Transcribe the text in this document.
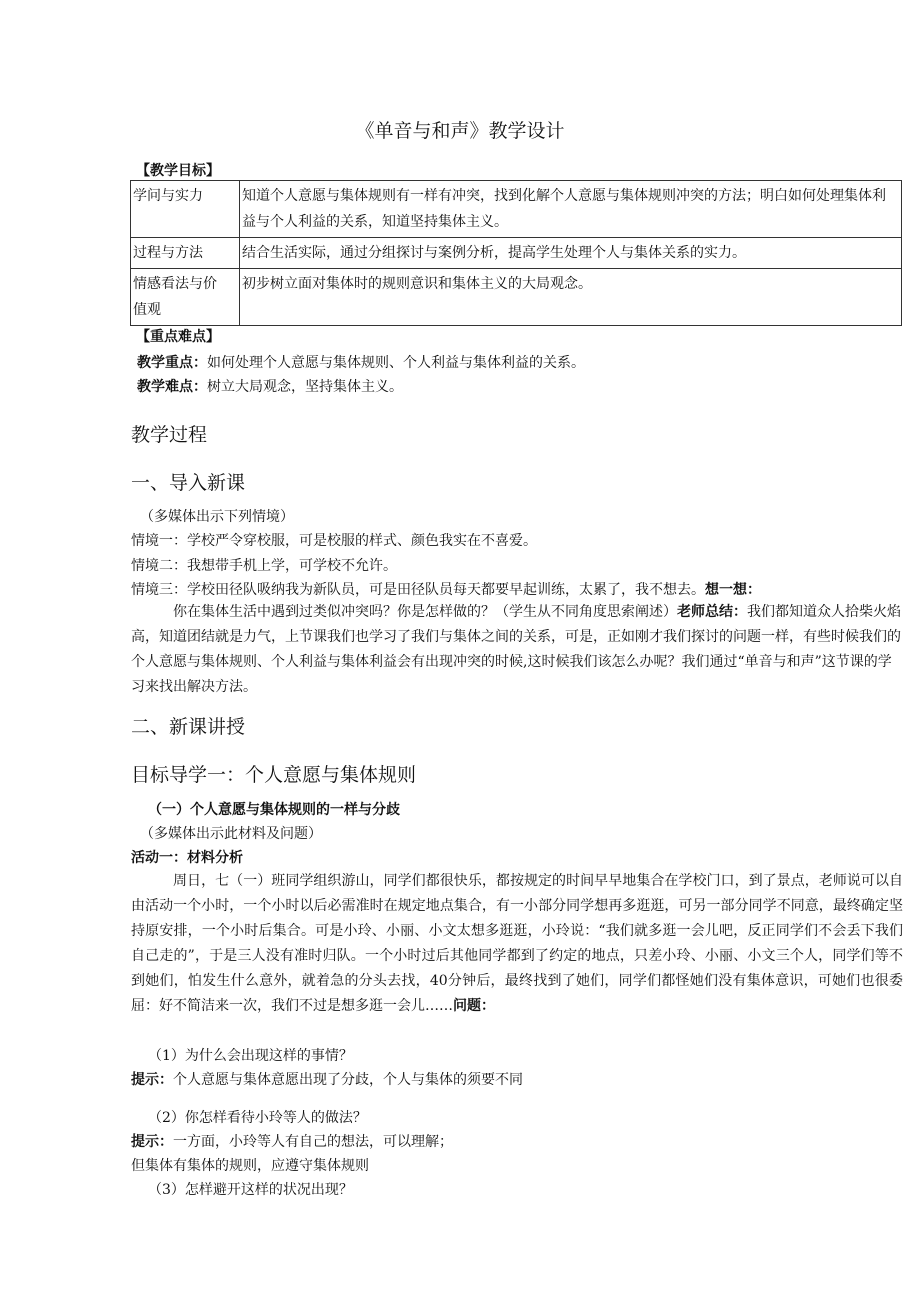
《单音与和声》教学设计
【教学目标】
学问与实力	知道个人意愿与集体规则有一样有冲突，找到化解个人意愿与集体规则冲突的方法；明白如何处理集体利益与个人利益的关系，知道坚持集体主义。
过程与方法	结合生活实际，通过分组探讨与案例分析，提高学生处理个人与集体关系的实力。

情感看法与价值观	初步树立面对集体时的规则意识和集体主义的大局观念。
【重点难点】
教学重点：如何处理个人意愿与集体规则、个人利益与集体利益的关系。
教学难点：树立大局观念，坚持集体主义。
教学过程
一、导入新课
（多媒体出示下列情境）
情境一：学校严令穿校服，可是校服的样式、颜色我实在不喜爱。
情境二：我想带手机上学，可学校不允许。
情境三：学校田径队吸纳我为新队员，可是田径队员每天都要早起训练，太累了，我不想去。想一想：
你在集体生活中遇到过类似冲突吗？你是怎样做的？（学生从不同角度思索阐述）老师总结：我们都知道众人拾柴火焰高，知道团结就是力气，上节课我们也学习了我们与集体之间的关系，可是，正如刚才我们探讨的问题一样，有些时候我们的个人意愿与集体规则、个人利益与集体利益会有出现冲突的时候,这时候我们该怎么办呢？我们通过“单音与和声”这节课的学习来找出解决方法。
二、新课讲授
目标导学一：个人意愿与集体规则
（一）个人意愿与集体规则的一样与分歧
（多媒体出示此材料及问题）
活动一：材料分析
周日，七（一）班同学组织游山，同学们都很快乐，都按规定的时间早早地集合在学校门口，到了景点，老师说可以自由活动一个小时，一个小时以后必需准时在规定地点集合，有一小部分同学想再多逛逛，可另一部分同学不同意，最终确定坚持原安排，一个小时后集合。可是小玲、小丽、小文太想多逛逛，小玲说：“我们就多逛一会儿吧，反正同学们不会丢下我们自己走的”，于是三人没有准时归队。一个小时过后其他同学都到了约定的地点，只差小玲、小丽、小文三个人，同学们等不到她们，怕发生什么意外，就着急的分头去找，40分钟后，最终找到了她们，同学们都怪她们没有集体意识，可她们也很委屈：好不简洁来一次，我们不过是想多逛一会儿……问题：
（1）为什么会出现这样的事情？
提示：个人意愿与集体意愿出现了分歧，个人与集体的须要不同
（2）你怎样看待小玲等人的做法？
提示：一方面，小玲等人有自己的想法，可以理解；
但集体有集体的规则，应遵守集体规则
（3）怎样避开这样的状况出现？
